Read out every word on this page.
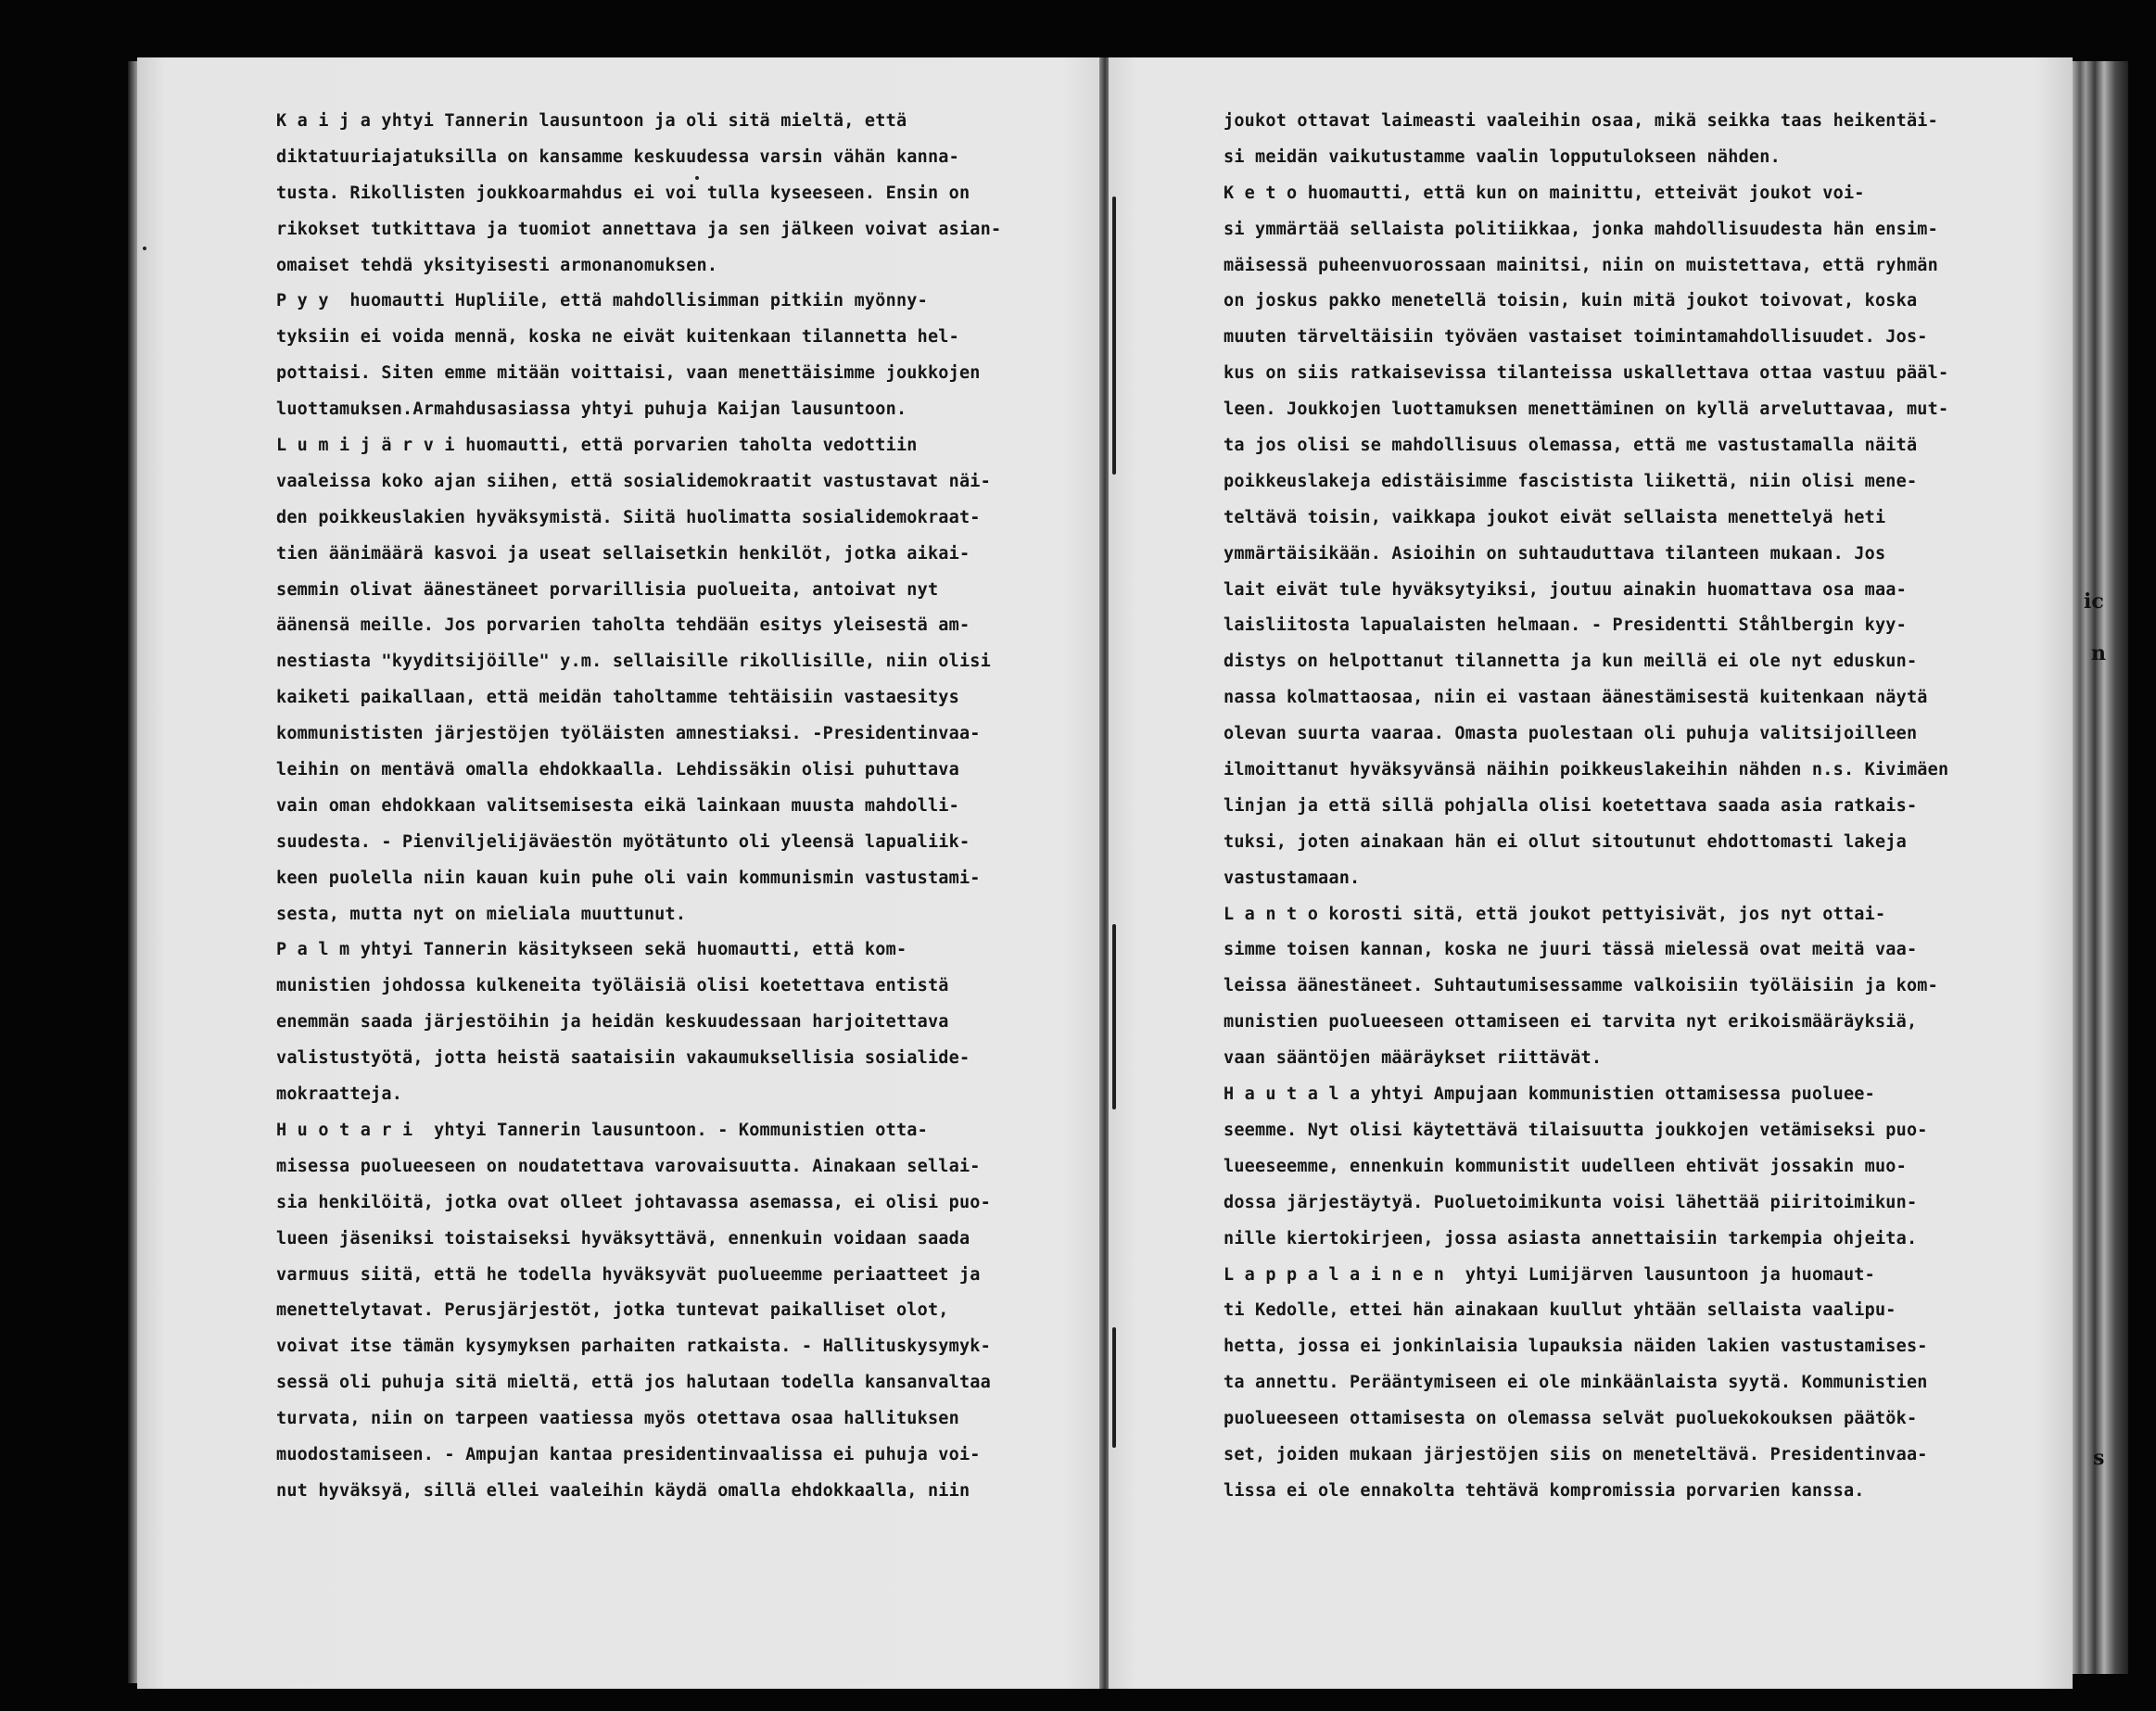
K a i j a yhtyi Tannerin lausuntoon ja oli sitä mieltä, että
diktatuuriajatuksilla on kansamme keskuudessa varsin vähän kanna-
tusta. Rikollisten joukkoarmahdus ei voi tulla kyseeseen. Ensin on
rikokset tutkittava ja tuomiot annettava ja sen jälkeen voivat asian-
omaiset tehdä yksityisesti armonanomuksen.
P y y  huomautti Hupliile, että mahdollisimman pitkiin myönny-
tyksiin ei voida mennä, koska ne eivät kuitenkaan tilannetta hel-
pottaisi. Siten emme mitään voittaisi, vaan menettäisimme joukkojen
luottamuksen.Armahdusasiassa yhtyi puhuja Kaijan lausuntoon.
L u m i j ä r v i huomautti, että porvarien taholta vedottiin
vaaleissa koko ajan siihen, että sosialidemokraatit vastustavat näi-
den poikkeuslakien hyväksymistä. Siitä huolimatta sosialidemokraat-
tien äänimäärä kasvoi ja useat sellaisetkin henkilöt, jotka aikai-
semmin olivat äänestäneet porvarillisia puolueita, antoivat nyt
äänensä meille. Jos porvarien taholta tehdään esitys yleisestä am-
nestiasta "kyyditsijöille" y.m. sellaisille rikollisille, niin olisi
kaiketi paikallaan, että meidän taholtamme tehtäisiin vastaesitys
kommunististen järjestöjen työläisten amnestiaksi. -Presidentinvaa-
leihin on mentävä omalla ehdokkaalla. Lehdissäkin olisi puhuttava
vain oman ehdokkaan valitsemisesta eikä lainkaan muusta mahdolli-
suudesta. - Pienviljelijäväestön myötätunto oli yleensä lapualiik-
keen puolella niin kauan kuin puhe oli vain kommunismin vastustami-
sesta, mutta nyt on mieliala muuttunut.
P a l m yhtyi Tannerin käsitykseen sekä huomautti, että kom-
munistien johdossa kulkeneita työläisiä olisi koetettava entistä
enemmän saada järjestöihin ja heidän keskuudessaan harjoitettava
valistustyötä, jotta heistä saataisiin vakaumuksellisia sosialide-
mokraatteja.
H u o t a r i  yhtyi Tannerin lausuntoon. - Kommunistien otta-
misessa puolueeseen on noudatettava varovaisuutta. Ainakaan sellai-
sia henkilöitä, jotka ovat olleet johtavassa asemassa, ei olisi puo-
lueen jäseniksi toistaiseksi hyväksyttävä, ennenkuin voidaan saada
varmuus siitä, että he todella hyväksyvät puolueemme periaatteet ja
menettelytavat. Perusjärjestöt, jotka tuntevat paikalliset olot,
voivat itse tämän kysymyksen parhaiten ratkaista. - Hallituskysymyk-
sessä oli puhuja sitä mieltä, että jos halutaan todella kansanvaltaa
turvata, niin on tarpeen vaatiessa myös otettava osaa hallituksen
muodostamiseen. - Ampujan kantaa presidentinvaalissa ei puhuja voi-
nut hyväksyä, sillä ellei vaaleihin käydä omalla ehdokkaalla, niin
joukot ottavat laimeasti vaaleihin osaa, mikä seikka taas heikentäi-
si meidän vaikutustamme vaalin lopputulokseen nähden.
K e t o huomautti, että kun on mainittu, etteivät joukot voi-
si ymmärtää sellaista politiikkaa, jonka mahdollisuudesta hän ensim-
mäisessä puheenvuorossaan mainitsi, niin on muistettava, että ryhmän
on joskus pakko menetellä toisin, kuin mitä joukot toivovat, koska
muuten tärveltäisiin työväen vastaiset toimintamahdollisuudet. Jos-
kus on siis ratkaisevissa tilanteissa uskallettava ottaa vastuu pääl-
leen. Joukkojen luottamuksen menettäminen on kyllä arveluttavaa, mut-
ta jos olisi se mahdollisuus olemassa, että me vastustamalla näitä
poikkeuslakeja edistäisimme fascistista liikettä, niin olisi mene-
teltävä toisin, vaikkapa joukot eivät sellaista menettelyä heti
ymmärtäisikään. Asioihin on suhtauduttava tilanteen mukaan. Jos
lait eivät tule hyväksytyiksi, joutuu ainakin huomattava osa maa-
laisliitosta lapualaisten helmaan. - Presidentti Ståhlbergin kyy-
distys on helpottanut tilannetta ja kun meillä ei ole nyt eduskun-
nassa kolmattaosaa, niin ei vastaan äänestämisestä kuitenkaan näytä
olevan suurta vaaraa. Omasta puolestaan oli puhuja valitsijoilleen
ilmoittanut hyväksyvänsä näihin poikkeuslakeihin nähden n.s. Kivimäen
linjan ja että sillä pohjalla olisi koetettava saada asia ratkais-
tuksi, joten ainakaan hän ei ollut sitoutunut ehdottomasti lakeja
vastustamaan.
L a n t o korosti sitä, että joukot pettyisivät, jos nyt ottai-
simme toisen kannan, koska ne juuri tässä mielessä ovat meitä vaa-
leissa äänestäneet. Suhtautumisessamme valkoisiin työläisiin ja kom-
munistien puolueeseen ottamiseen ei tarvita nyt erikoismääräyksiä,
vaan sääntöjen määräykset riittävät.
H a u t a l a yhtyi Ampujaan kommunistien ottamisessa puoluee-
seemme. Nyt olisi käytettävä tilaisuutta joukkojen vetämiseksi puo-
lueeseemme, ennenkuin kommunistit uudelleen ehtivät jossakin muo-
dossa järjestäytyä. Puoluetoimikunta voisi lähettää piiritoimikun-
nille kiertokirjeen, jossa asiasta annettaisiin tarkempia ohjeita.
L a p p a l a i n e n  yhtyi Lumijärven lausuntoon ja huomaut-
ti Kedolle, ettei hän ainakaan kuullut yhtään sellaista vaalipu-
hetta, jossa ei jonkinlaisia lupauksia näiden lakien vastustamises-
ta annettu. Perääntymiseen ei ole minkäänlaista syytä. Kommunistien
puolueeseen ottamisesta on olemassa selvät puoluekokouksen päätök-
set, joiden mukaan järjestöjen siis on meneteltävä. Presidentinvaa-
lissa ei ole ennakolta tehtävä kompromissia porvarien kanssa.
ic
n
s
